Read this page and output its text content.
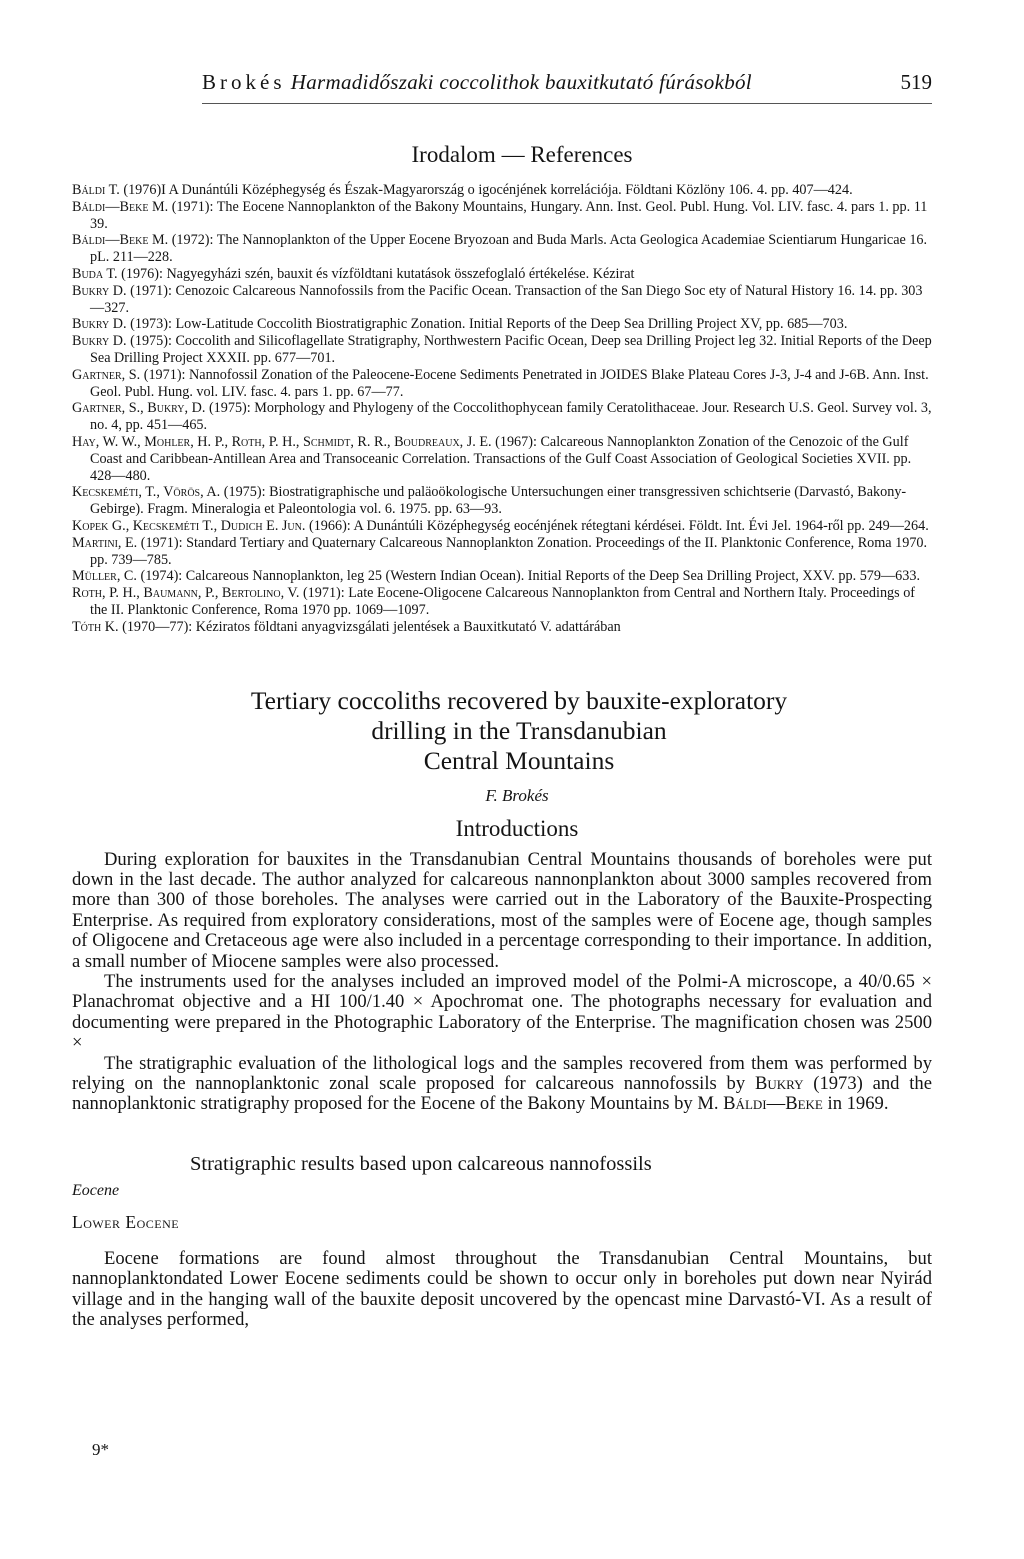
Brokés Harmadidőszaki coccolithok bauxitkutató fúrásokból	519
Irodalom — References

Báldi T. (1976)I A Dunántúli Középhegység és Észak-Magyarország o igocénjének korrelációja. Földtani Közlöny 106. 4. pp. 407—424.

Báldi—Beke M. (1971): The Eocene Nannoplankton of the Bakony Mountains, Hungary. Ann. Inst. Geol. Publ. Hung. Vol. LIV. fasc. 4. pars 1. pp. 11 39.

Báldi—Beke M. (1972): The Nannoplankton of the Upper Eocene Bryozoan and Buda Marls. Acta Geologica Academiae Scientiarum Hungaricae 16. pL. 211—228.

Buda T. (1976): Nagyegyházi szén, bauxit és vízföldtani kutatások összefoglaló értékelése. Kézirat

Bukry D. (1971): Cenozoic Calcareous Nannofossils from the Pacific Ocean. Transaction of the San Diego Soc ety of Natural History 16. 14. pp. 303—327.

Bukry D. (1973): Low-Latitude Coccolith Biostratigraphic Zonation. Initial Reports of the Deep Sea Drilling Project XV, pp. 685—703.

Bukry D. (1975): Coccolith and Silicoflagellate Stratigraphy, Northwestern Pacific Ocean, Deep sea Drilling Project leg 32. Initial Reports of the Deep Sea Drilling Project XXXII. pp. 677—701.

Gartner, S. (1971): Nannofossil Zonation of the Paleocene-Eocene Sediments Penetrated in JOIDES Blake Plateau Cores J-3, J-4 and J-6B. Ann. Inst. Geol. Publ. Hung. vol. LIV. fasc. 4. pars 1. pp. 67—77.

Gartner, S., Bukry, D. (1975): Morphology and Phylogeny of the Coccolithophycean family Ceratolithaceae. Jour. Research U.S. Geol. Survey vol. 3, no. 4, pp. 451—465.

Hay, W. W., Mohler, H. P., Roth, P. H., Schmidt, R. R., Boudreaux, J. E. (1967): Calcareous Nannoplankton Zonation of the Cenozoic of the Gulf Coast and Caribbean-Antillean Area and Transoceanic Correlation. Transactions of the Gulf Coast Association of Geological Societies XVII. pp. 428—480.

Kecskeméti, T., Vörös, A. (1975): Biostratigraphische und paläoökologische Untersuchungen einer transgressiven schichtserie (Darvastó, Bakony-Gebirge). Fragm. Mineralogia et Paleontologia vol. 6. 1975. pp. 63—93.

Kopek G., Kecskeméti T., Dudich E. Jun. (1966): A Dunántúli Középhegység eocénjének rétegtani kérdései. Földt. Int. Évi Jel. 1964-ről pp. 249—264.

Martini, E. (1971): Standard Tertiary and Quaternary Calcareous Nannoplankton Zonation. Proceedings of the II. Planktonic Conference, Roma 1970. pp. 739—785.

Müller, C. (1974): Calcareous Nannoplankton, leg 25 (Western Indian Ocean). Initial Reports of the Deep Sea Drilling Project, XXV. pp. 579—633.

Roth, P. H., Baumann, P., Bertolino, V. (1971): Late Eocene-Oligocene Calcareous Nannoplankton from Central and Northern Italy. Proceedings of the II. Planktonic Conference, Roma 1970 pp. 1069—1097.

Tóth K. (1970—77): Kéziratos földtani anyagvizsgálati jelentések a Bauxitkutató V. adattárában

Tertiary coccoliths recovered by bauxite-exploratory
drilling in the Transdanubian
Central Mountains
F. Brokés
Introductions

During exploration for bauxites in the Transdanubian Central Mountains thousands of boreholes were put down in the last decade. The author analyzed for calcareous nannonplankton about 3000 samples recovered from more than 300 of those boreholes. The analyses were carried out in the Laboratory of the Bauxite-Prospecting Enterprise. As required from exploratory considerations, most of the samples were of Eocene age, though samples of Oligocene and Cretaceous age were also included in a percentage corresponding to their importance. In addition, a small number of Miocene samples were also processed.

The instruments used for the analyses included an improved model of the Polmi-A microscope, a 40/0.65 × Planachromat objective and a HI 100/1.40 × Apochromat one. The photographs necessary for evaluation and documenting were prepared in the Photographic Laboratory of the Enterprise. The magnification chosen was 2500 ×

The stratigraphic evaluation of the lithological logs and the samples recovered from them was performed by relying on the nannoplanktonic zonal scale proposed for calcareous nannofossils by Bukry (1973) and the nannoplanktonic stratigraphy proposed for the Eocene of the Bakony Mountains by M. Báldi—Beke in 1969.

Stratigraphic results based upon calcareous nannofossils
Eocene
Lower Eocene

Eocene formations are found almost throughout the Transdanubian Central Mountains, but nannoplanktondated Lower Eocene sediments could be shown to occur only in boreholes put down near Nyirád village and in the hanging wall of the bauxite deposit uncovered by the opencast mine Darvastó-VI. As a result of the analyses performed,

9*
